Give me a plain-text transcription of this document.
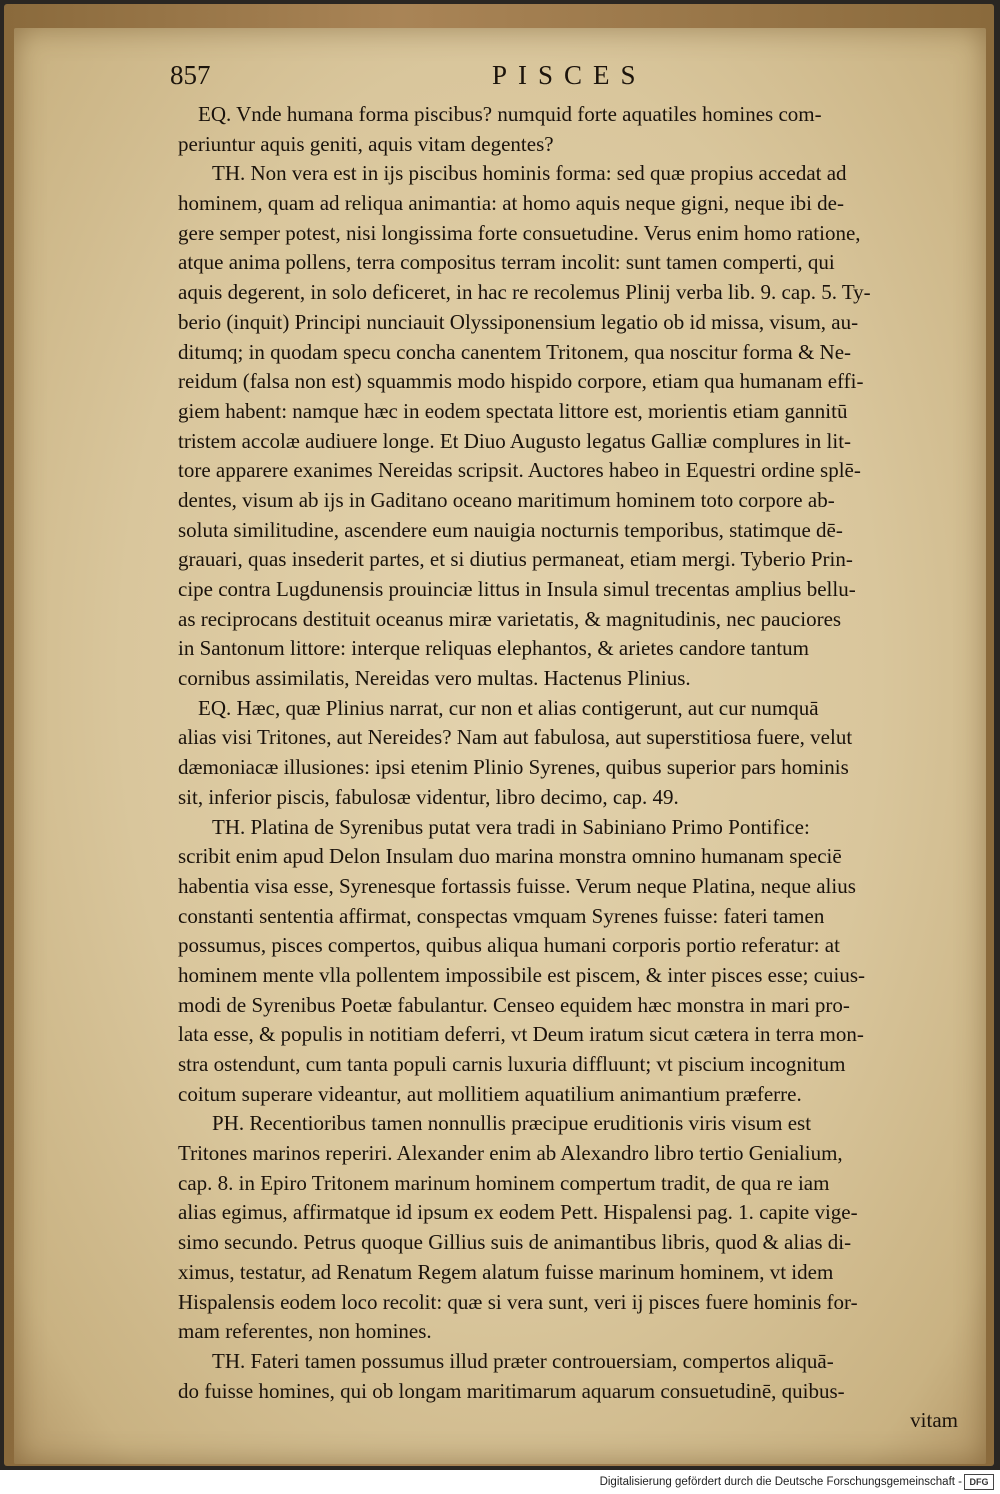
857	PISCES
EQ. Vnde humana forma piscibus? numquid forte aquatiles homines com-
periuntur aquis geniti, aquis vitam degentes?
TH. Non vera est in ijs piscibus hominis forma: sed quæ propius accedat ad
hominem, quam ad reliqua animantia: at homo aquis neque gigni, neque ibi de-
gere semper potest, nisi longissima forte consuetudine. Verus enim homo ratione,
atque anima pollens, terra compositus terram incolit: sunt tamen comperti, qui
aquis degerent, in solo deficeret, in hac re recolemus Plinij verba lib. 9. cap. 5. Ty-
berio (inquit) Principi nunciauit Olyssiponensium legatio ob id missa, visum, au-
ditumq; in quodam specu concha canentem Tritonem, qua noscitur forma & Ne-
reidum (falsa non est) squammis modo hispido corpore, etiam qua humanam effi-
giem habent: namque hæc in eodem spectata littore est, morientis etiam gannitū
tristem accolæ audiuere longe. Et Diuo Augusto legatus Galliæ complures in lit-
tore apparere exanimes Nereidas scripsit. Auctores habeo in Equestri ordine splē-
dentes, visum ab ijs in Gaditano oceano maritimum hominem toto corpore ab-
soluta similitudine, ascendere eum nauigia nocturnis temporibus, statimque dē-
grauari, quas insederit partes, et si diutius permaneat, etiam mergi. Tyberio Prin-
cipe contra Lugdunensis prouinciæ littus in Insula simul trecentas amplius bellu-
as reciprocans destituit oceanus miræ varietatis, & magnitudinis, nec pauciores
in Santonum littore: interque reliquas elephantos, & arietes candore tantum
cornibus assimilatis, Nereidas vero multas. Hactenus Plinius.
EQ. Hæc, quæ Plinius narrat, cur non et alias contigerunt, aut cur numquā
alias visi Tritones, aut Nereides? Nam aut fabulosa, aut superstitiosa fuere, velut
dæmoniacæ illusiones: ipsi etenim Plinio Syrenes, quibus superior pars hominis
sit, inferior piscis, fabulosæ videntur, libro decimo, cap. 49.
TH. Platina de Syrenibus putat vera tradi in Sabiniano Primo Pontifice:
scribit enim apud Delon Insulam duo marina monstra omnino humanam speciē
habentia visa esse, Syrenesque fortassis fuisse. Verum neque Platina, neque alius
constanti sententia affirmat, conspectas vmquam Syrenes fuisse: fateri tamen
possumus, pisces compertos, quibus aliqua humani corporis portio referatur: at
hominem mente vlla pollentem impossibile est piscem, & inter pisces esse; cuius-
modi de Syrenibus Poetæ fabulantur. Censeo equidem hæc monstra in mari pro-
lata esse, & populis in notitiam deferri, vt Deum iratum sicut cætera in terra mon-
stra ostendunt, cum tanta populi carnis luxuria diffluunt; vt piscium incognitum
coitum superare videantur, aut mollitiem aquatilium animantium præferre.
PH. Recentioribus tamen nonnullis præcipue eruditionis viris visum est
Tritones marinos reperiri. Alexander enim ab Alexandro libro tertio Genialium,
cap. 8. in Epiro Tritonem marinum hominem compertum tradit, de qua re iam
alias egimus, affirmatque id ipsum ex eodem Pett. Hispalensi pag. 1. capite vige-
simo secundo. Petrus quoque Gillius suis de animantibus libris, quod & alias di-
ximus, testatur, ad Renatum Regem alatum fuisse marinum hominem, vt idem
Hispalensis eodem loco recolit: quæ si vera sunt, veri ij pisces fuere hominis for-
mam referentes, non homines.
TH. Fateri tamen possumus illud præter controuersiam, compertos aliquā-
do fuisse homines, qui ob longam maritimarum aquarum consuetudinē, quibus-
vitam
Digitalisierung gefördert durch die Deutsche Forschungsgemeinschaft - DFG
